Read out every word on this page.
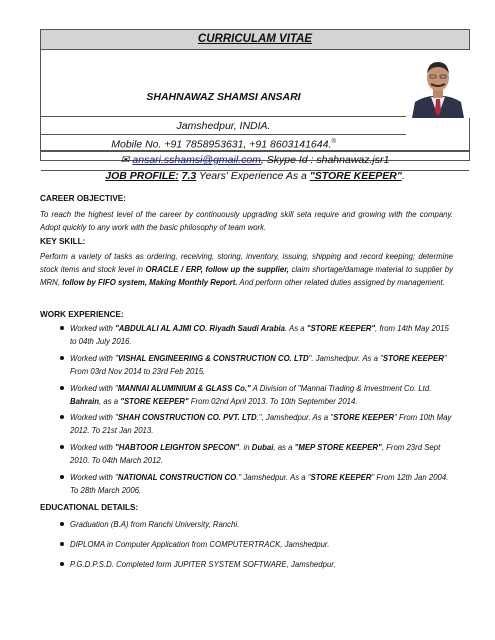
CURRICULAM VITAE
SHAHNAWAZ SHAMSI ANSARI
Jamshedpur, INDIA.
Mobile No. +91 7858953631, +91 8603141644.®
✉ ansari.sshamsi@gmail.com, Skype Id : shahnawaz.jsr1
JOB PROFILE: 7.3 Years' Experience As a "STORE KEEPER".
CAREER OBJECTIVE:
To reach the highest level of the career by continuously upgrading skill seta require and growing with the company. Adopt quickly to any work with the basic philosophy of team work.
KEY SKILL:
Perform a variety of tasks as ordering, receiving, storing, inventory, issuing, shipping and record keeping; determine stock items and stock level in ORACLE / ERP, follow up the supplier, claim shortage/damage material to supplier by MRN, follow by FIFO system, Making Monthly Report. And perform other related duties assigned by management.
WORK EXPERIENCE:
Worked with "ABDULALI AL AJMI CO. Riyadh Saudi Arabia. As a "STORE KEEPER", from 14th May 2015 to 04th July 2016.
Worked with "VISHAL ENGINEERING & CONSTRUCTION CO. LTD". Jamshedpur. As a "STORE KEEPER" From 03rd Nov 2014 to 23rd Feb 2015.
Worked with "MANNAI ALUMINIUM & GLASS Co." A Division of "Mannai Trading & Investment Co. Ltd. Bahrain, as a "STORE KEEPER" From 02nd April 2013. To 10th September 2014.
Worked with "SHAH CONSTRUCTION CO. PVT. LTD.", Jamshedpur. As a "STORE KEEPER" From 10th May 2012. To 21st Jan 2013.
Worked with "HABTOOR LEIGHTON SPECON". in Dubai, as a "MEP STORE KEEPER", From 23rd Sept 2010. To 04th March 2012.
Worked with "NATIONAL CONSTRUCTION CO." Jamshedpur. As a "STORE KEEPER" From 12th Jan 2004. To 28th March 2006.
EDUCATIONAL DETAILS:
Graduation (B.A) from Ranchi University, Ranchi.
DIPLOMA in Computer Application from COMPUTERTRACK, Jamshedpur.
P.G.D.P.S.D. Completed form JUPITER SYSTEM SOFTWARE, Jamshedpur.
